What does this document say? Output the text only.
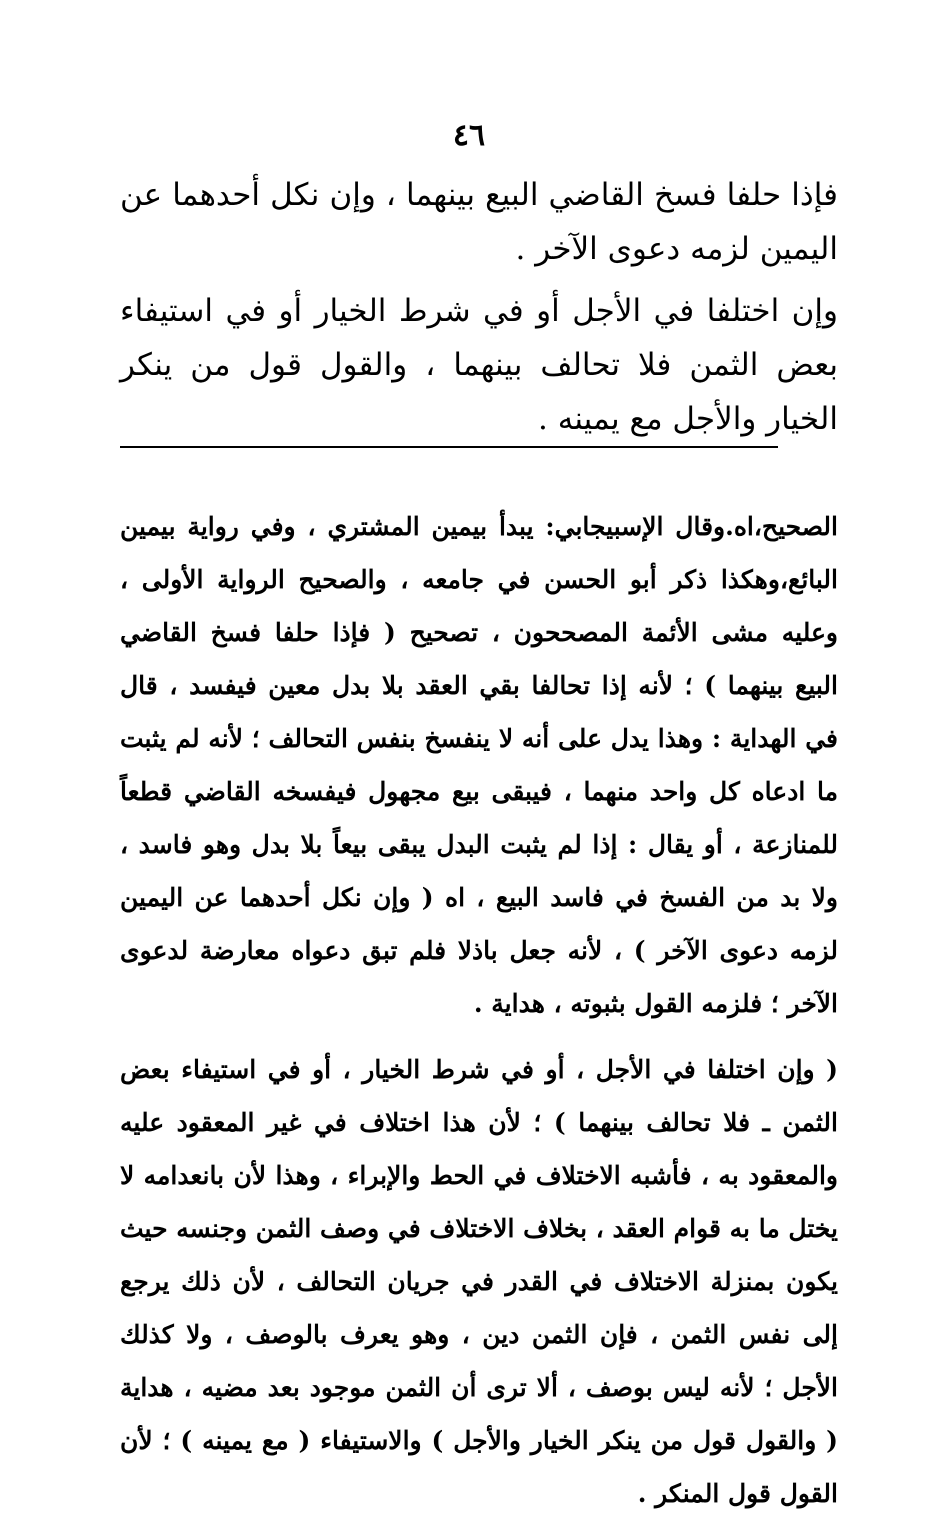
٤٦

فإذا حلفا فسخ القاضي البيع بينهما ، وإن نكل أحدهما عن اليمين لزمه دعوى الآخر .

وإن اختلفا في الأجل أو في شرط الخيار أو في استيفاء بعض الثمن فلا تحالف بينهما ، والقول قول من ينكر الخيار والأجل مع يمينه .

الصحيح،اه.وقال الإسبيجابي: يبدأ بيمين المشتري ، وفي رواية بيمين البائع،وهكذا ذكر أبو الحسن في جامعه ، والصحيح الرواية الأولى ، وعليه مشى الأئمة المصححون ، تصحيح ( فإذا حلفا فسخ القاضي البيع بينهما ) ؛ لأنه إذا تحالفا بقي العقد بلا بدل معين فيفسد ، قال في الهداية : وهذا يدل على أنه لا ينفسخ بنفس التحالف ؛ لأنه لم يثبت ما ادعاه كل واحد منهما ، فيبقى بيع مجهول فيفسخه القاضي قطعاً للمنازعة ، أو يقال : إذا لم يثبت البدل يبقى بيعاً بلا بدل وهو فاسد ، ولا بد من الفسخ في فاسد البيع ، اه ( وإن نكل أحدهما عن اليمين لزمه دعوى الآخر ) ، لأنه جعل باذلا فلم تبق دعواه معارضة لدعوى الآخر ؛ فلزمه القول بثبوته ، هداية .

( وإن اختلفا في الأجل ، أو في شرط الخيار ، أو في استيفاء بعض الثمن ـ فلا تحالف بينهما ) ؛ لأن هذا اختلاف في غير المعقود عليه والمعقود به ، فأشبه الاختلاف في الحط والإبراء ، وهذا لأن بانعدامه لا يختل ما به قوام العقد ، بخلاف الاختلاف في وصف الثمن وجنسه حيث يكون بمنزلة الاختلاف في القدر في جريان التحالف ، لأن ذلك يرجع إلى نفس الثمن ، فإن الثمن دين ، وهو يعرف بالوصف ، ولا كذلك الأجل ؛ لأنه ليس بوصف ، ألا ترى أن الثمن موجود بعد مضيه ، هداية ( والقول قول من ينكر الخيار والأجل ) والاستيفاء ( مع يمينه ) ؛ لأن القول قول المنكر .
